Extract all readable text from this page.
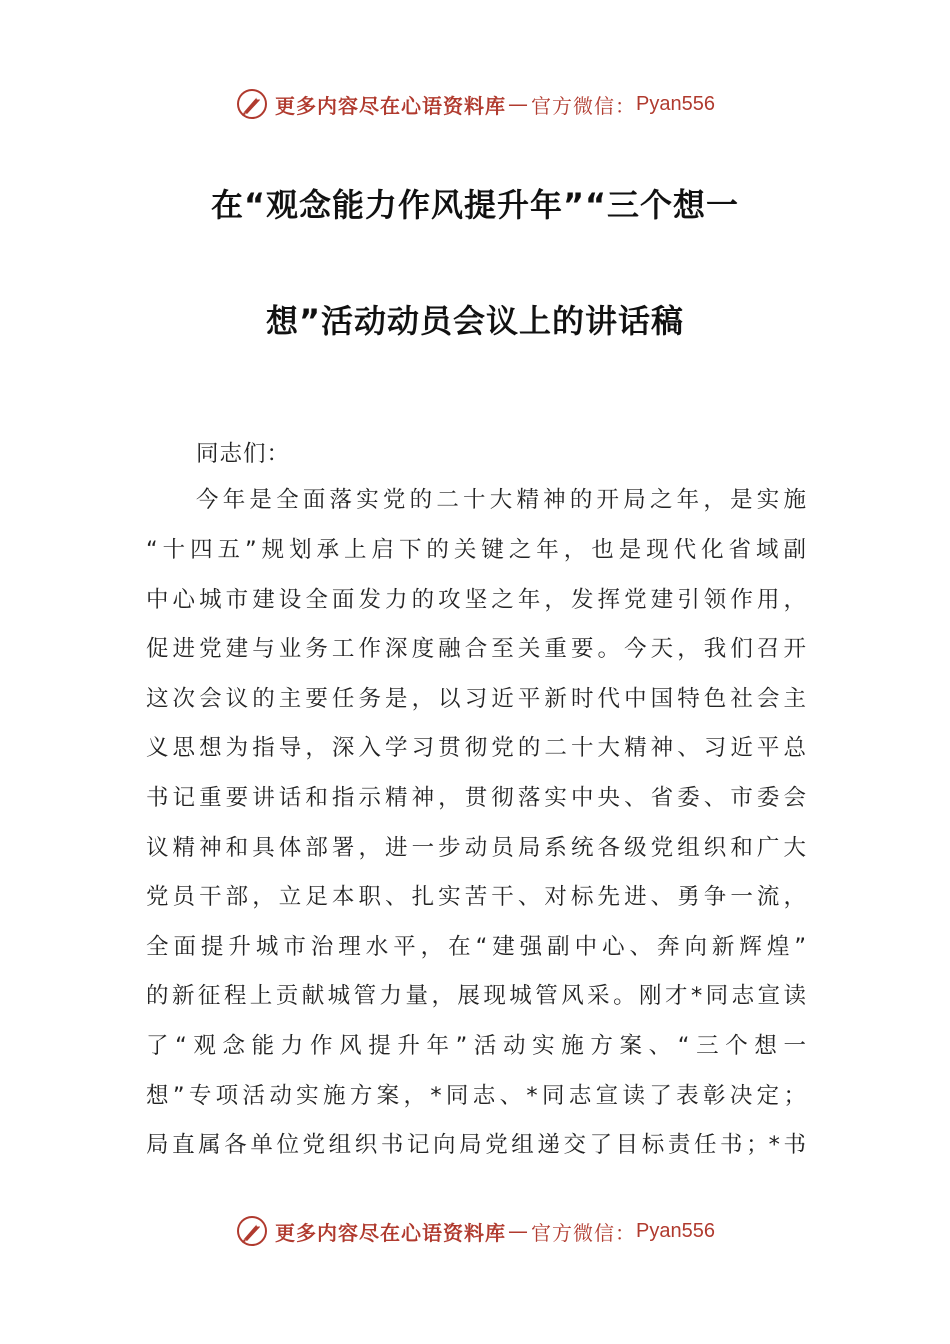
更多内容尽在心语资料库 — 官方微信： Pyan556
在“观念能力作风提升年”“三个想一
想”活动动员会议上的讲话稿
同志们：
今年是全面落实党的二十大精神的开局之年，是实施
“十四五”规划承上启下的关键之年，也是现代化省域副
中心城市建设全面发力的攻坚之年，发挥党建引领作用，
促进党建与业务工作深度融合至关重要。今天，我们召开
这次会议的主要任务是，以习近平新时代中国特色社会主
义思想为指导，深入学习贯彻党的二十大精神、习近平总
书记重要讲话和指示精神，贯彻落实中央、省委、市委会
议精神和具体部署，进一步动员局系统各级党组织和广大
党员干部，立足本职、扎实苦干、对标先进、勇争一流，
全面提升城市治理水平，在“建强副中心、奔向新辉煌”
的新征程上贡献城管力量，展现城管风采。刚才*同志宣读
了“观念能力作风提升年”活动实施方案、“三个想一
想”专项活动实施方案，*同志、*同志宣读了表彰决定；
局直属各单位党组织书记向局党组递交了目标责任书；*书
更多内容尽在心语资料库 — 官方微信： Pyan556
